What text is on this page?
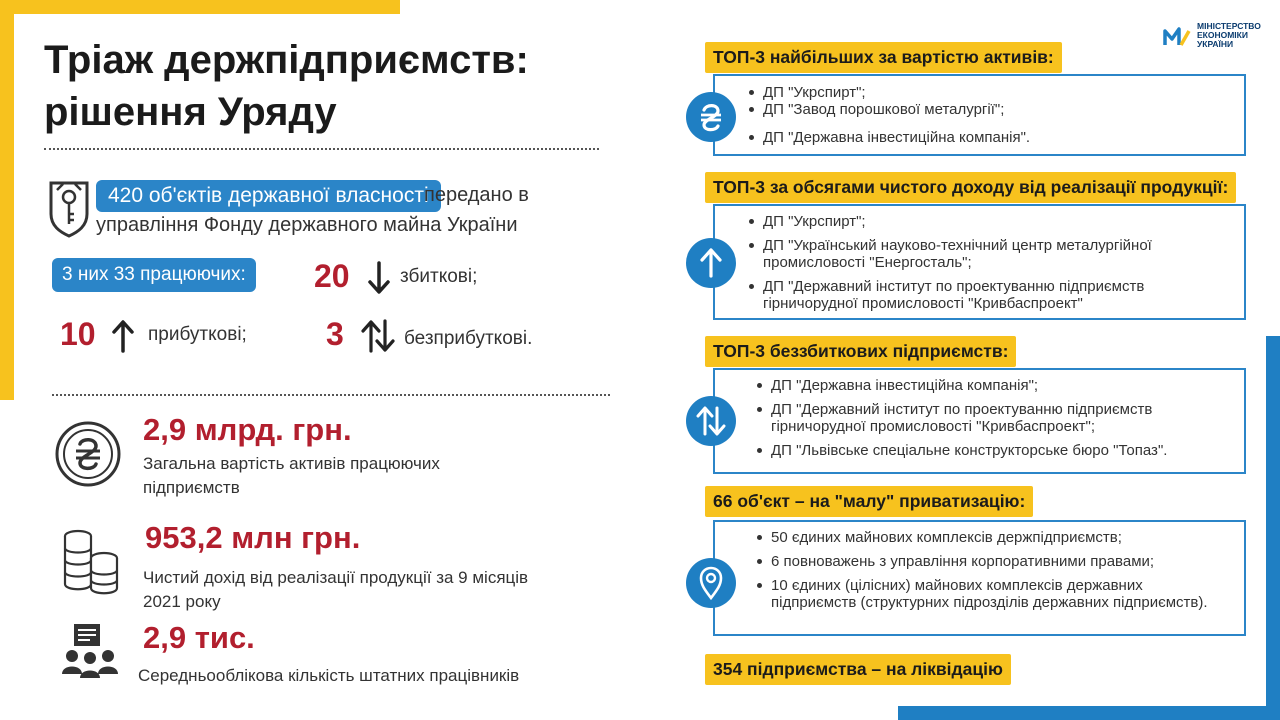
Тріаж держпідприємств:
рішення Уряду
МІНІСТЕРСТВО
ЕКОНОМІКИ
УКРАЇНИ
420 об'єктів державної власності
передано в
управління Фонду державного майна України
3 них 33 працюючих:	20	збиткові;
10	прибуткові; 3	безприбуткові.
2,9 млрд. грн.
Загальна вартість активів працюючих
підприємств
953,2 млн грн.
Чистий дохід від реалізації продукції за 9 місяців
2021 року
2,9 тис.
Середньооблікова кількість штатних працівників
ТОП-3 найбільших за вартістю активів:
ДП "Укрспирт";
ДП "Завод порошкової металургії";
ДП "Державна інвестиційна компанія".
ТОП-3 за обсягами чистого доходу від реалізації продукції:
ДП "Укрспирт";
ДП "Український науково-технічний центр металургійної промисловості "Енергосталь";
ДП "Державний інститут по проектуванню підприємств гірничорудної промисловості "Кривбаспроект"
ТОП-3 беззбиткових підприємств:
ДП "Державна інвестиційна компанія";
ДП "Державний інститут по проектуванню підприємств гірничорудної промисловості "Кривбаспроект";
ДП "Львівське спеціальне конструкторське бюро "Топаз".
66 об'єкт – на "малу" приватизацію:
50 єдиних майнових комплексів держпідприємств;
6 повноважень з управління корпоративними правами;
10 єдиних (цілісних) майнових комплексів державних підприємств (структурних підрозділів державних підприємств).
354 підприємства – на ліквідацію
